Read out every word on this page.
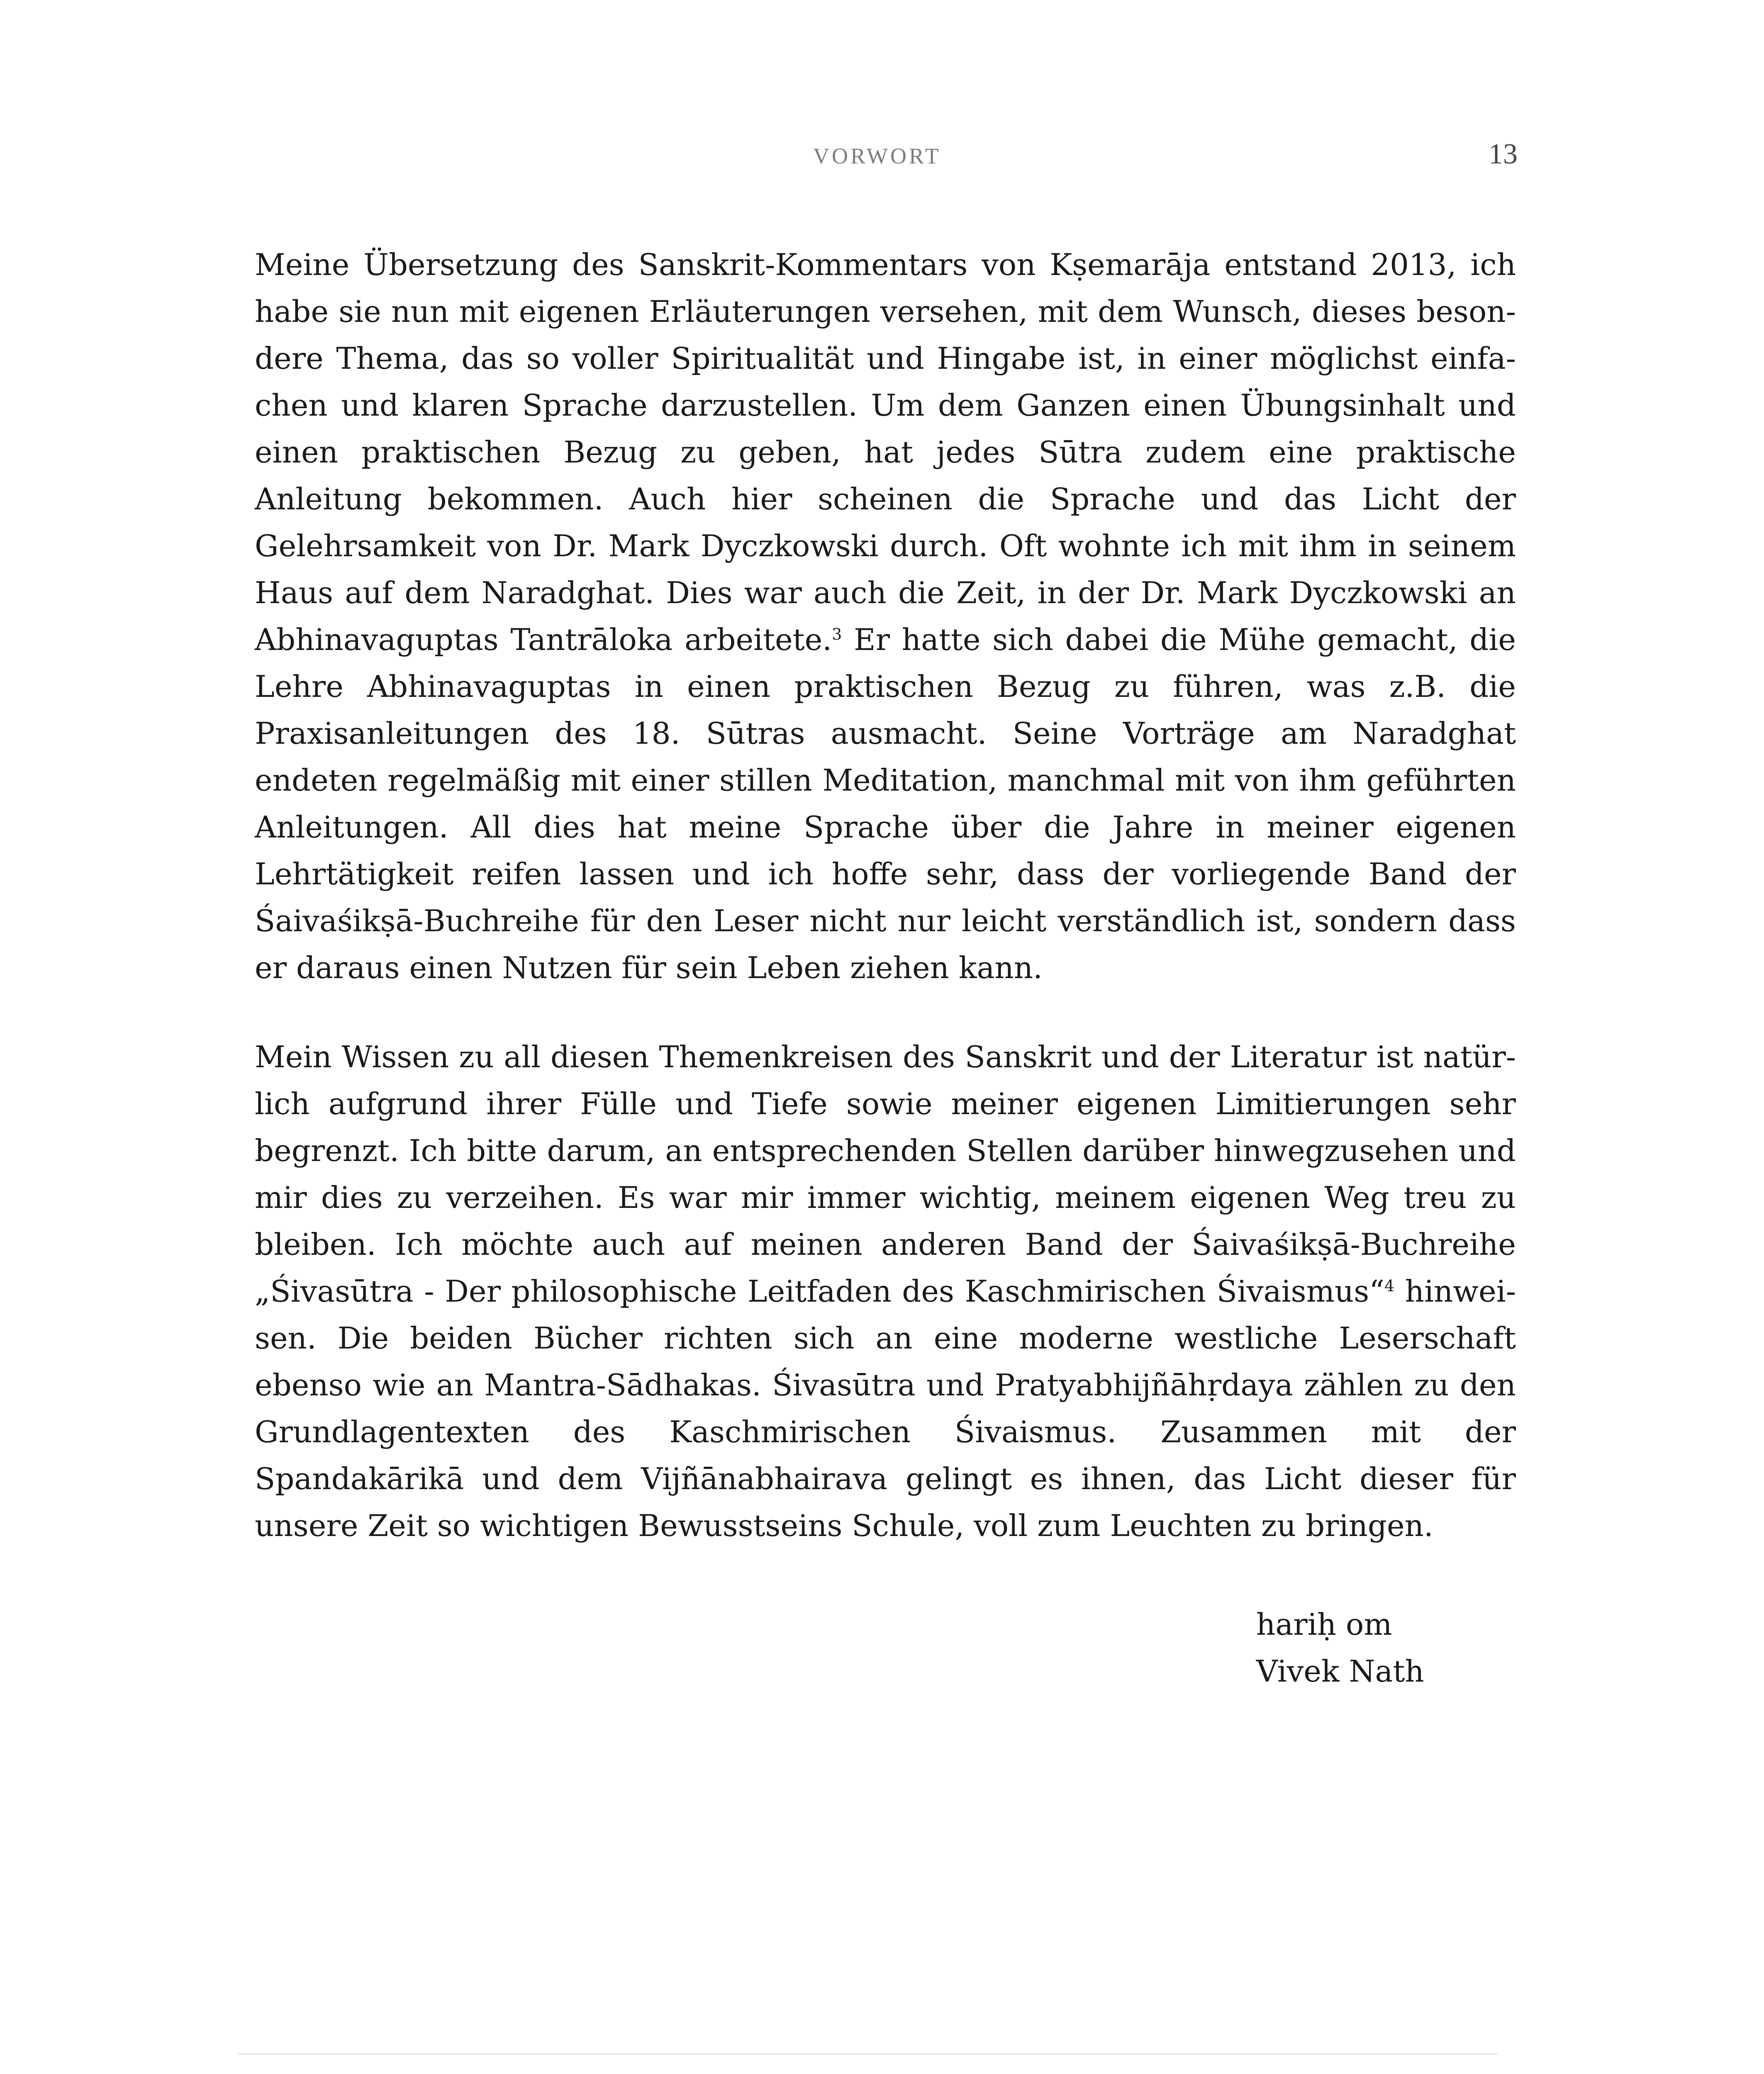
VORWORT	13

Meine Übersetzung des Sanskrit-Kommentars von Kṣemarāja entstand 2013, ich habe sie nun mit eigenen Erläuterungen versehen, mit dem Wunsch, dieses besondere Thema, das so voller Spiritualität und Hingabe ist, in einer möglichst einfachen und klaren Sprache darzustellen. Um dem Ganzen einen Übungsinhalt und einen praktischen Bezug zu geben, hat jedes Sūtra zudem eine praktische Anleitung bekommen. Auch hier scheinen die Sprache und das Licht der Gelehrsamkeit von Dr. Mark Dyczkowski durch. Oft wohnte ich mit ihm in seinem Haus auf dem Naradghat. Dies war auch die Zeit, in der Dr. Mark Dyczkowski an Abhinavaguptas Tantrāloka arbeitete.$^3$ Er hatte sich dabei die Mühe gemacht, die Lehre Abhinavaguptas in einen praktischen Bezug zu führen, was z.B. die Praxisanleitungen des 18. Sūtras ausmacht. Seine Vorträge am Naradghat endeten regelmäßig mit einer stillen Meditation, manchmal mit von ihm geführten Anleitungen. All dies hat meine Sprache über die Jahre in meiner eigenen Lehrtätigkeit reifen lassen und ich hoffe sehr, dass der vorliegende Band der Śaivaśikṣā-Buchreihe für den Leser nicht nur leicht verständlich ist, sondern dass er daraus einen Nutzen für sein Leben ziehen kann.

Mein Wissen zu all diesen Themenkreisen des Sanskrit und der Literatur ist natürlich aufgrund ihrer Fülle und Tiefe sowie meiner eigenen Limitierungen sehr begrenzt. Ich bitte darum, an entsprechenden Stellen darüber hinwegzusehen und mir dies zu verzeihen. Es war mir immer wichtig, meinem eigenen Weg treu zu bleiben. Ich möchte auch auf meinen anderen Band der Śaivaśikṣā-Buchreihe „Śivasūtra - Der philosophische Leitfaden des Kaschmirischen Śivaismus“$^4$ hinweisen. Die beiden Bücher richten sich an eine moderne westliche Leserschaft ebenso wie an Mantra-Sādhakas. Śivasūtra und Pratyabhijñāhṛdaya zählen zu den Grundlagentexten des Kaschmirischen Śivaismus. Zusammen mit der Spandakārikā und dem Vijñānabhairava gelingt es ihnen, das Licht dieser für unsere Zeit so wichtigen Bewusstseins Schule, voll zum Leuchten zu bringen.

hariḥ om
Vivek Nath
